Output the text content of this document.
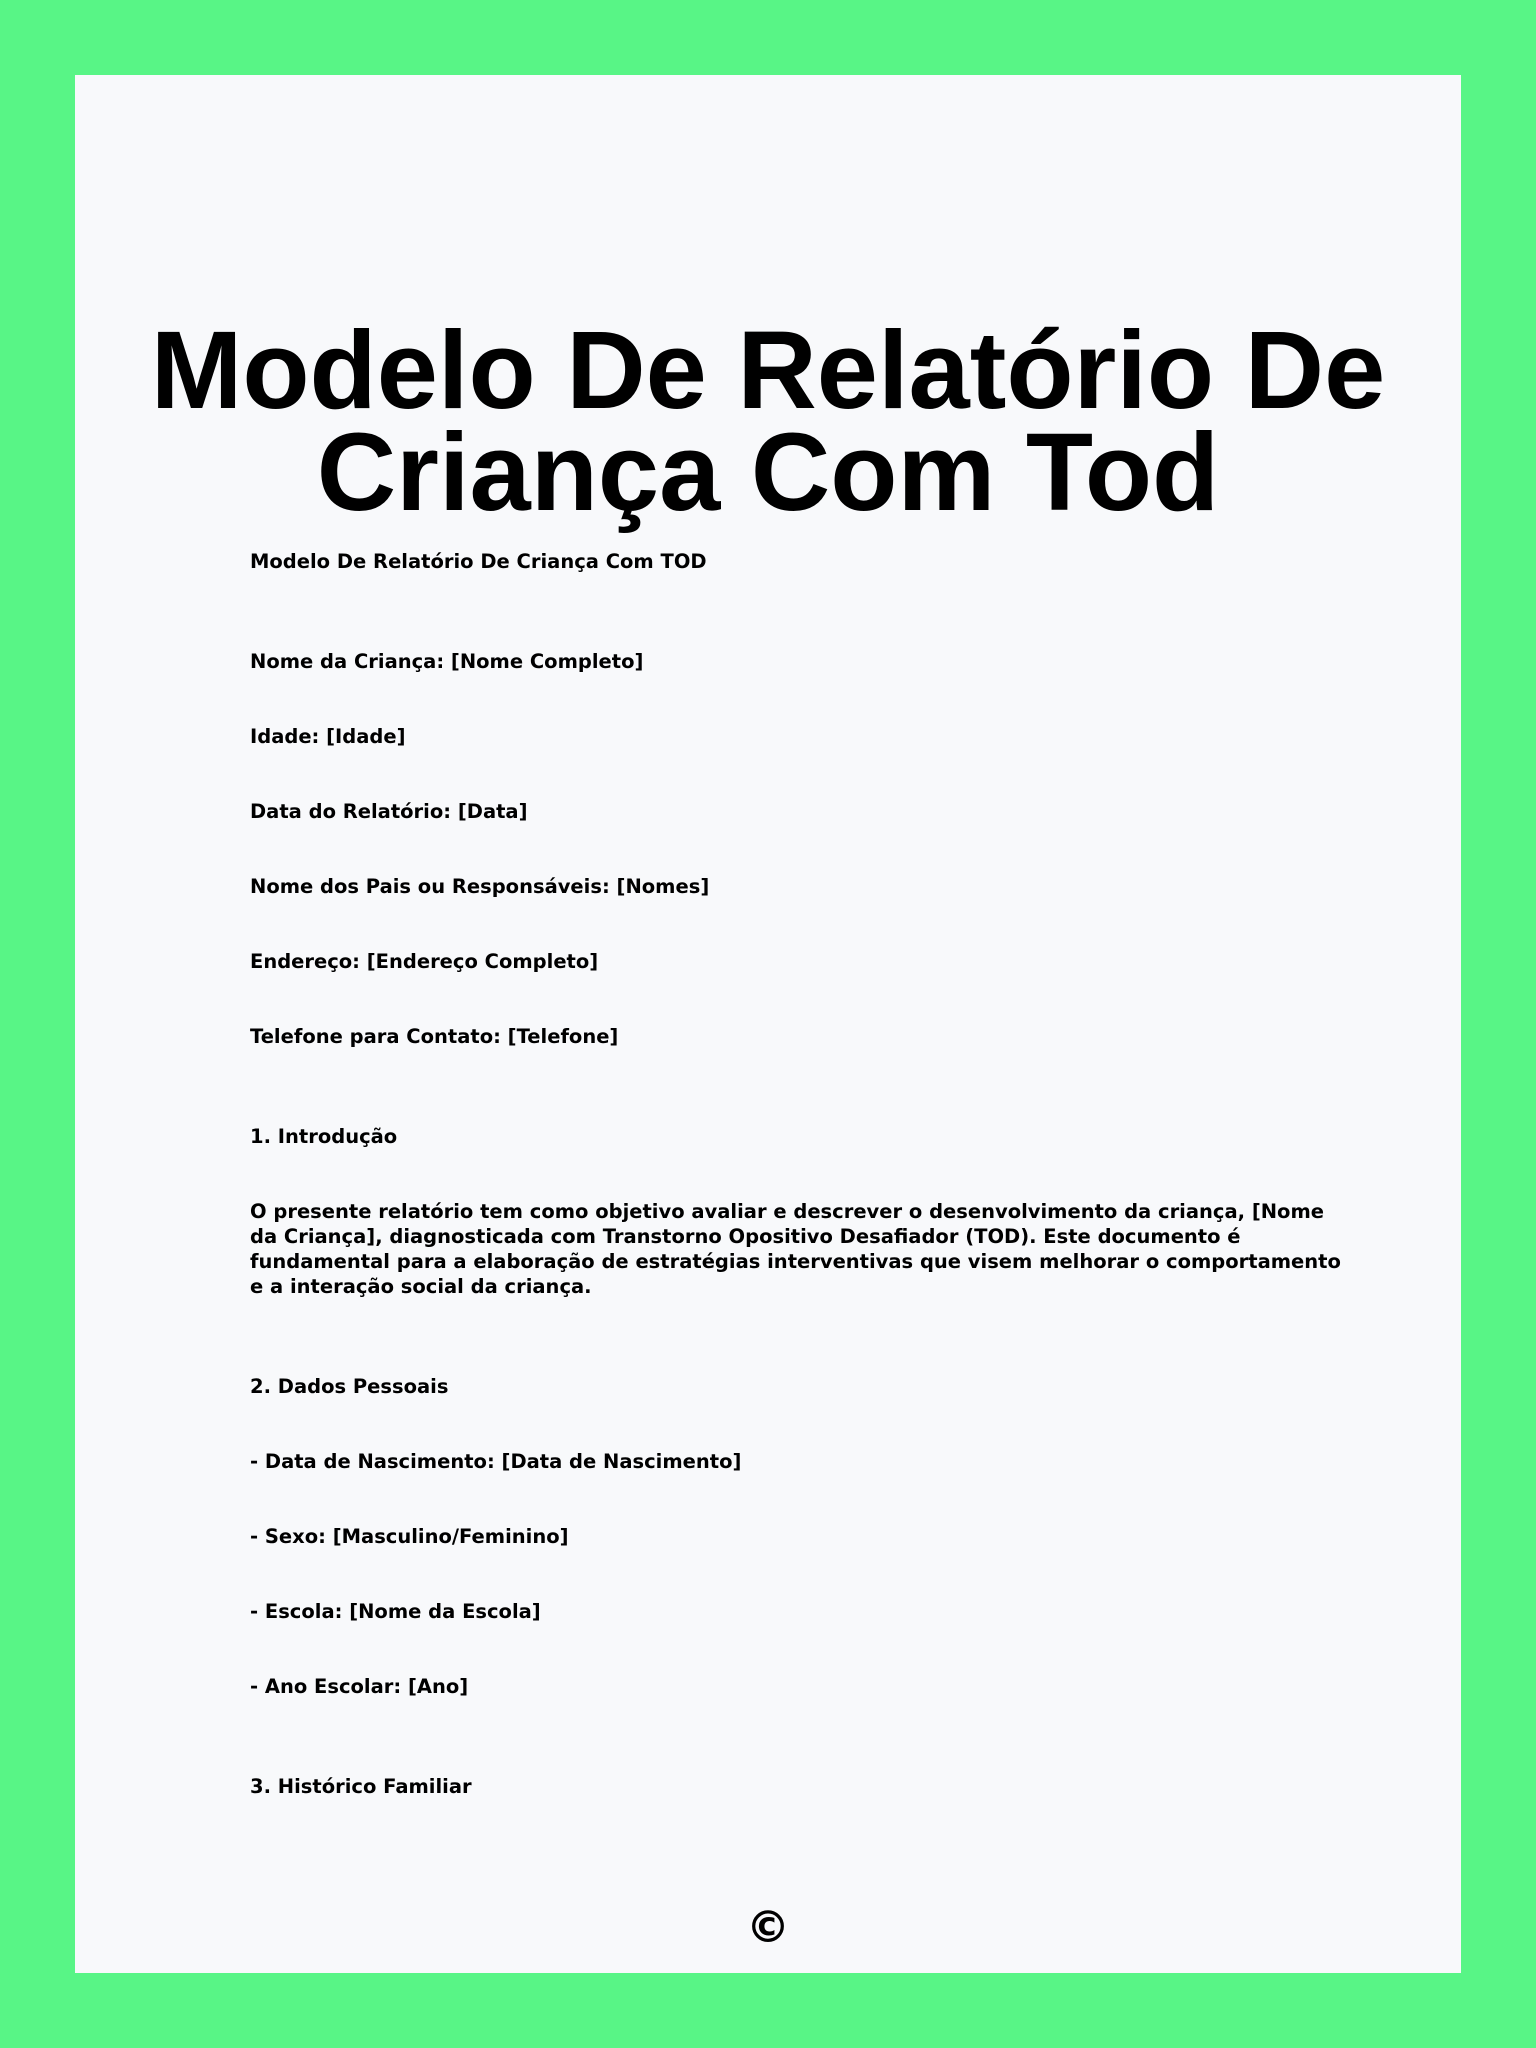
Modelo De Relatório De Criança Com Tod

Modelo De Relatório De Criança Com TOD

Nome da Criança: [Nome Completo]

Idade: [Idade]

Data do Relatório: [Data]

Nome dos Pais ou Responsáveis: [Nomes]

Endereço: [Endereço Completo]

Telefone para Contato: [Telefone]

1. Introdução

O presente relatório tem como objetivo avaliar e descrever o desenvolvimento da criança, [Nome da Criança], diagnosticada com Transtorno Opositivo Desafiador (TOD). Este documento é fundamental para a elaboração de estratégias interventivas que visem melhorar o comportamento e a interação social da criança.

2. Dados Pessoais

- Data de Nascimento: [Data de Nascimento]

- Sexo: [Masculino/Feminino]

- Escola: [Nome da Escola]

- Ano Escolar: [Ano]

3. Histórico Familiar

©
